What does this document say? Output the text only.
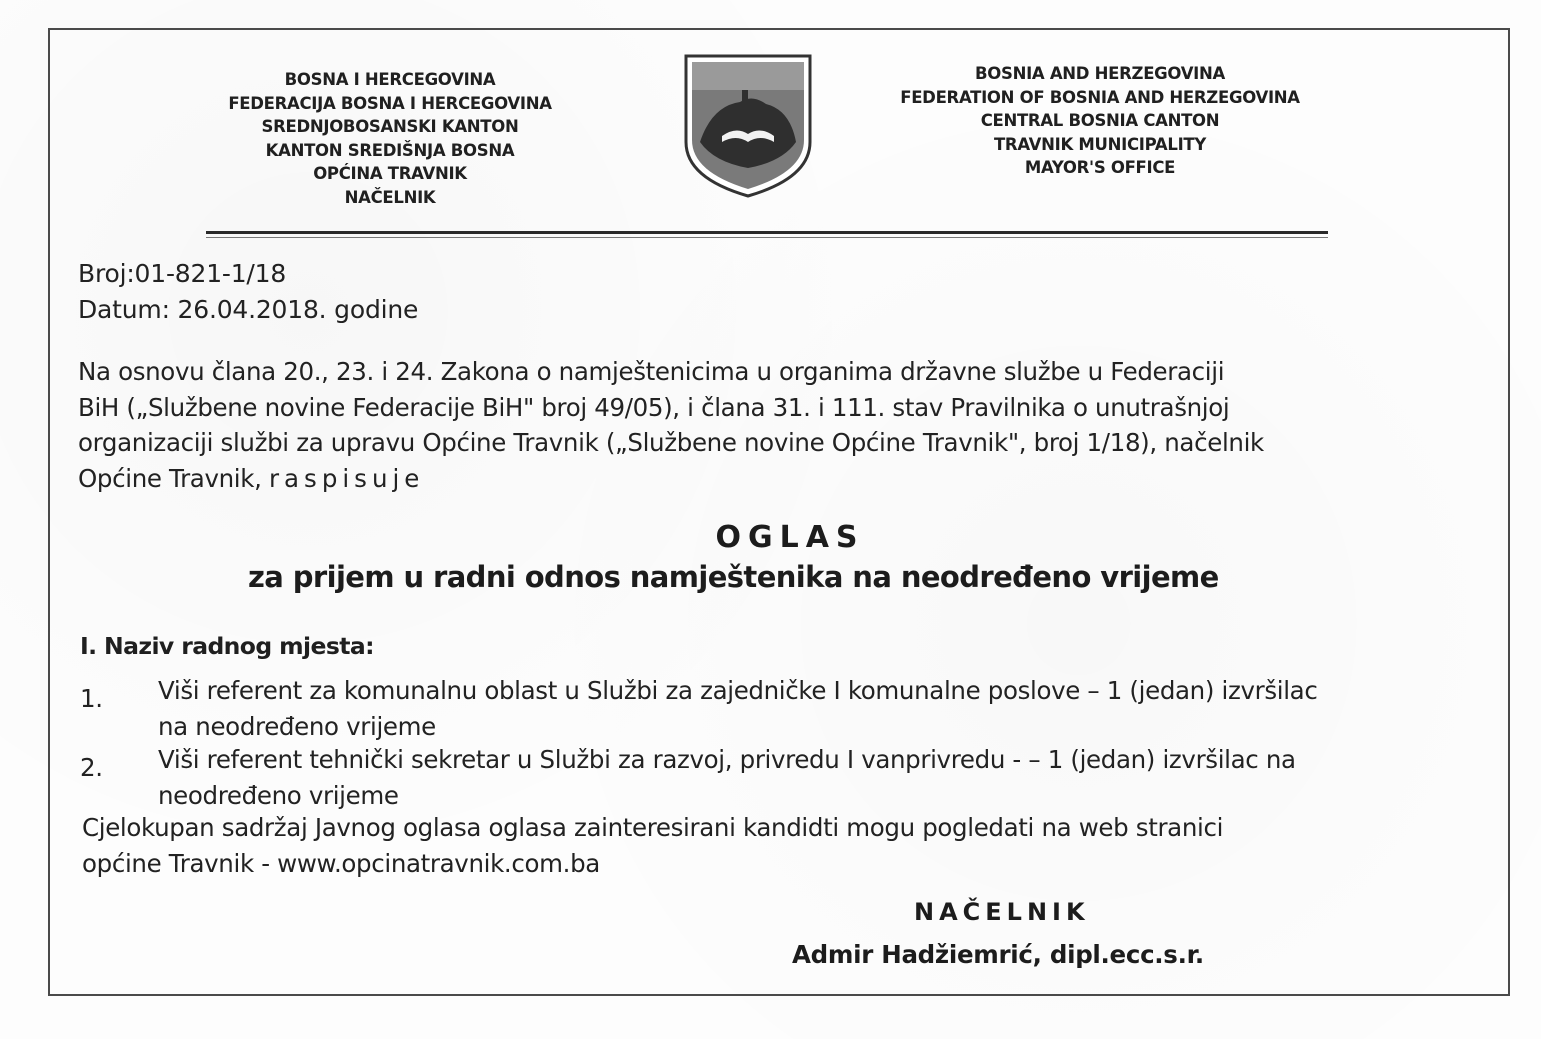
BOSNA I HERCEGOVINA
FEDERACIJA BOSNA I HERCEGOVINA
SREDNJOBOSANSKI KANTON
KANTON SREDIŠNJA BOSNA
OPĆINA TRAVNIK
NAČELNIK
BOSNIA AND HERZEGOVINA
FEDERATION OF BOSNIA AND HERZEGOVINA
CENTRAL BOSNIA CANTON
TRAVNIK MUNICIPALITY
MAYOR'S OFFICE
Broj:01-821-1/18
Datum: 26.04.2018. godine
Na osnovu člana 20., 23. i 24. Zakona o namještenicima u organima državne službe u Federaciji
BiH („Službene novine Federacije BiH" broj 49/05), i člana 31. i 111. stav Pravilnika o unutrašnjoj
organizaciji službi za upravu Općine Travnik („Službene novine Općine Travnik", broj 1/18), načelnik
Općine Travnik, raspisuje
OGLAS
za prijem u radni odnos namještenika na neodređeno vrijeme
I. Naziv radnog mjesta:
1. Viši referent za komunalnu oblast u Službi za zajedničke I komunalne poslove – 1 (jedan) izvršilac
na neodređeno vrijeme
2. Viši referent tehnički sekretar u Službi za razvoj, privredu I vanprivredu - – 1 (jedan) izvršilac na
neodređeno vrijeme
Cjelokupan sadržaj Javnog oglasa oglasa zainteresirani kandidti mogu pogledati na web stranici
općine Travnik - www.opcinatravnik.com.ba
NAČELNIK
Admir Hadžiemrić, dipl.ecc.s.r.
